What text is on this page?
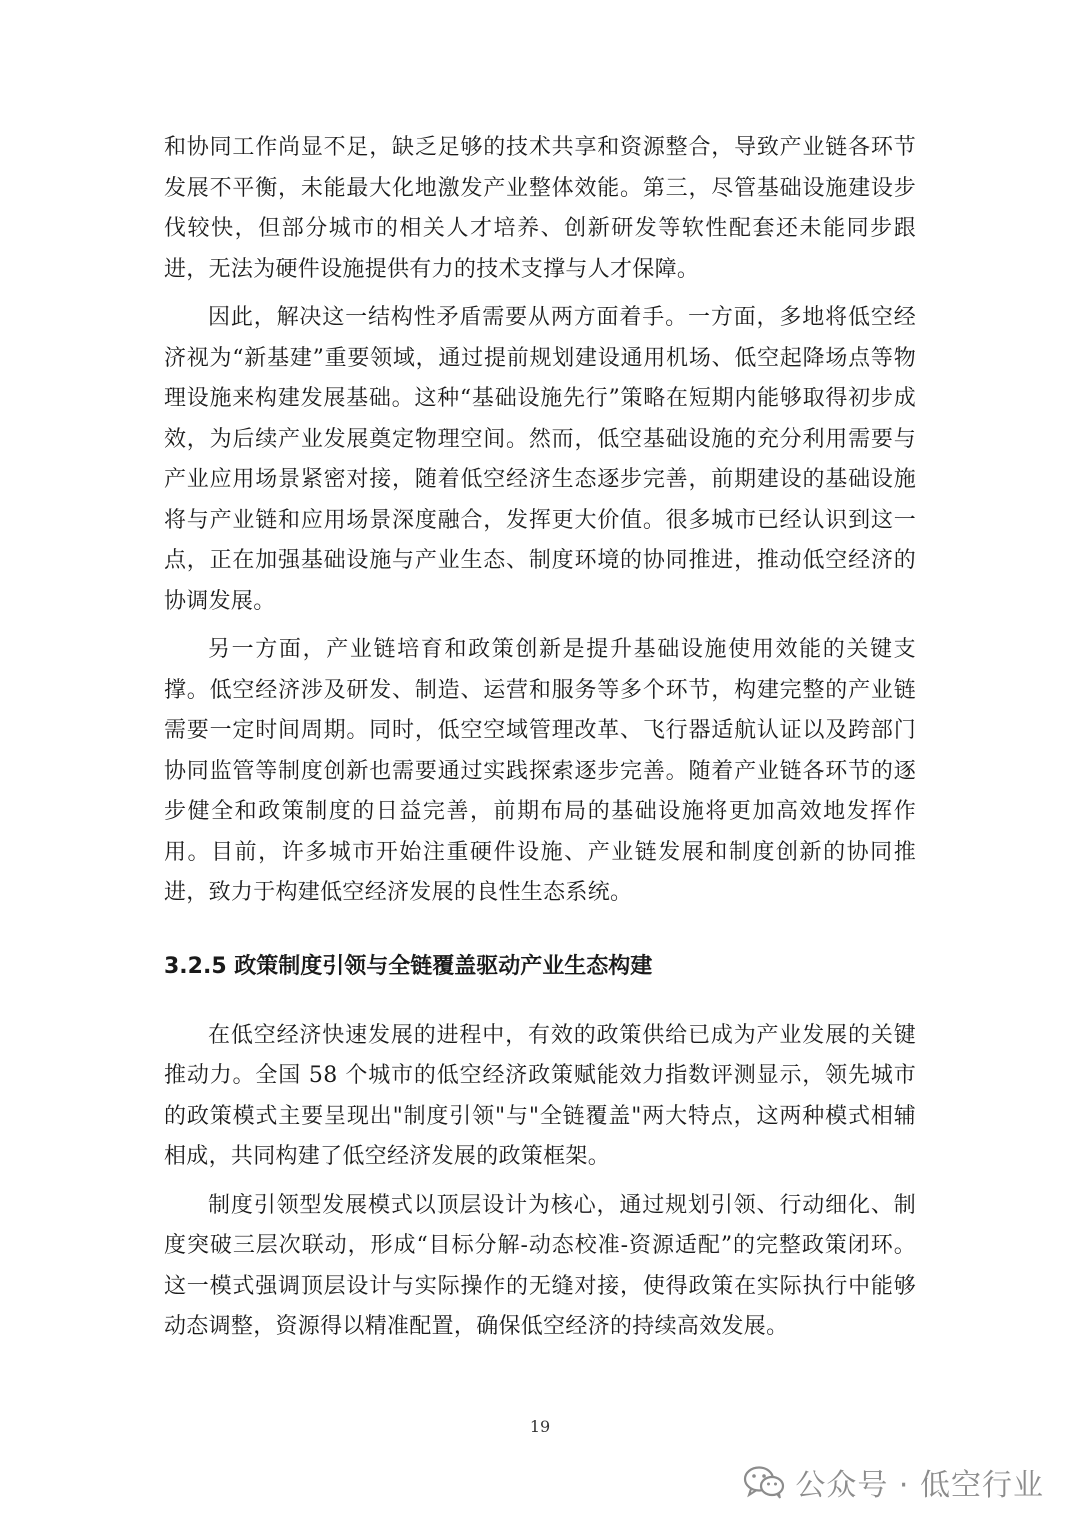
和协同工作尚显不足，缺乏足够的技术共享和资源整合，导致产业链各环节发展不平衡，未能最大化地激发产业整体效能。第三，尽管基础设施建设步伐较快，但部分城市的相关人才培养、创新研发等软性配套还未能同步跟进，无法为硬件设施提供有力的技术支撑与人才保障。

因此，解决这一结构性矛盾需要从两方面着手。一方面，多地将低空经济视为“新基建”重要领域，通过提前规划建设通用机场、低空起降场点等物理设施来构建发展基础。这种“基础设施先行”策略在短期内能够取得初步成效，为后续产业发展奠定物理空间。然而，低空基础设施的充分利用需要与产业应用场景紧密对接，随着低空经济生态逐步完善，前期建设的基础设施将与产业链和应用场景深度融合，发挥更大价值。很多城市已经认识到这一点，正在加强基础设施与产业生态、制度环境的协同推进，推动低空经济的协调发展。

另一方面，产业链培育和政策创新是提升基础设施使用效能的关键支撑。低空经济涉及研发、制造、运营和服务等多个环节，构建完整的产业链需要一定时间周期。同时，低空空域管理改革、飞行器适航认证以及跨部门协同监管等制度创新也需要通过实践探索逐步完善。随着产业链各环节的逐步健全和政策制度的日益完善，前期布局的基础设施将更加高效地发挥作用。目前，许多城市开始注重硬件设施、产业链发展和制度创新的协同推进，致力于构建低空经济发展的良性生态系统。

3.2.5 政策制度引领与全链覆盖驱动产业生态构建

在低空经济快速发展的进程中，有效的政策供给已成为产业发展的关键推动力。全国 58 个城市的低空经济政策赋能效力指数评测显示，领先城市的政策模式主要呈现出"制度引领"与"全链覆盖"两大特点，这两种模式相辅相成，共同构建了低空经济发展的政策框架。

制度引领型发展模式以顶层设计为核心，通过规划引领、行动细化、制度突破三层次联动，形成“目标分解-动态校准-资源适配”的完整政策闭环。这一模式强调顶层设计与实际操作的无缝对接，使得政策在实际执行中能够动态调整，资源得以精准配置，确保低空经济的持续高效发展。

19
公众号 · 低空行业
